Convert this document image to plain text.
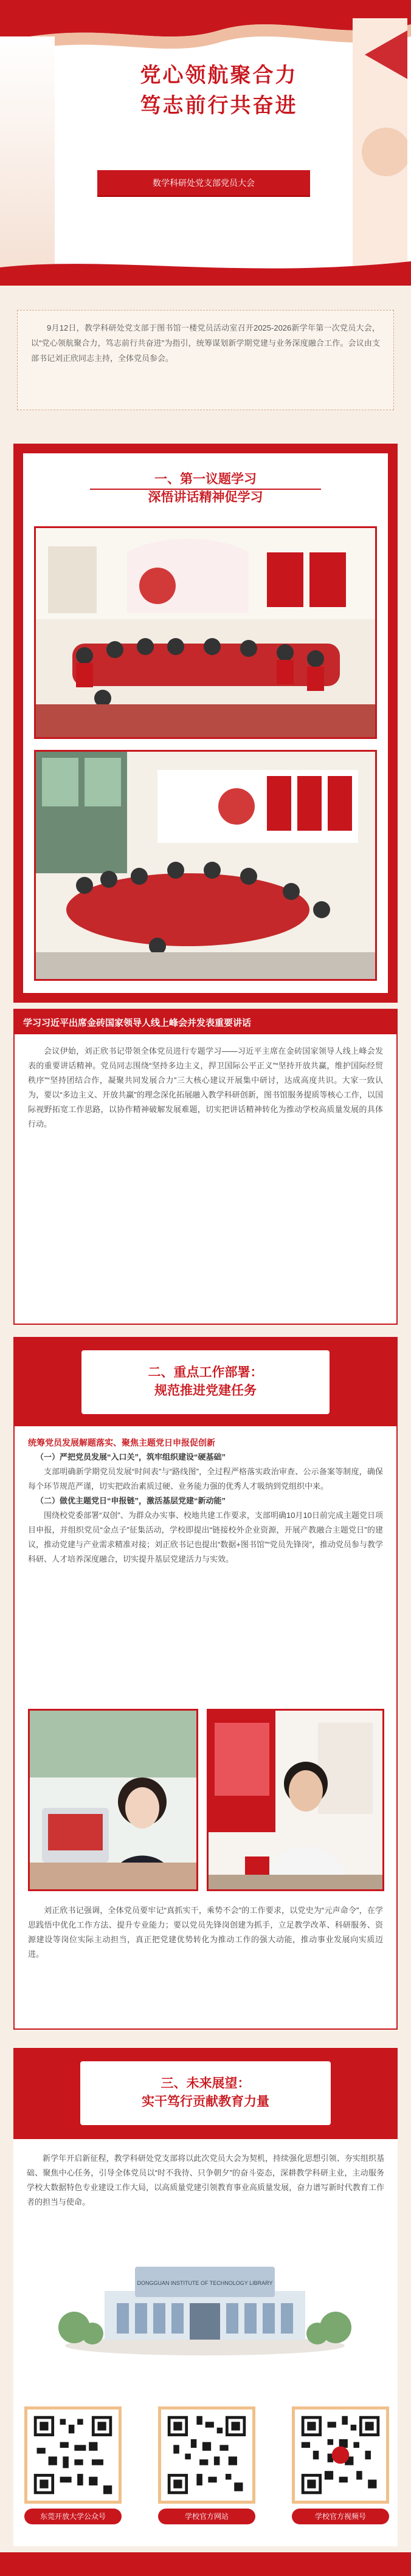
党心领航聚合力
笃志前行共奋进
数学科研处党支部党员大会

9月12日，教学科研处党支部于图书馆一楼党员活动室召开2025-2026新学年第一次党员大会，以“党心领航聚合力，笃志前行共奋进”为指引，统筹谋划新学期党建与业务深度融合工作。会议由支部书记刘正欣同志主持，全体党员参会。

一、第一议题学习
深悟讲话精神促学习
学习习近平出席金砖国家领导人线上峰会并发表重要讲话

会议伊始，刘正欣书记带领全体党员进行专题学习——习近平主席在金砖国家领导人线上峰会发表的重要讲话精神。党员同志围绕“坚持多边主义，捍卫国际公平正义”“坚持开放共赢，维护国际经贸秩序”“坚持团结合作，凝聚共同发展合力”三大核心建议开展集中研讨，达成高度共识。大家一致认为，要以“多边主义、开放共赢”的理念深化拓展融入教学科研创新，图书馆服务提质等核心工作，以国际视野拓宽工作思路，以协作精神破解发展难题，切实把讲话精神转化为推动学校高质量发展的具体行动。

二、重点工作部署：
规范推进党建任务
统筹党员发展解题落实、聚焦主题党日申报促创新

（一）严把党员发展“入口关”，筑牢组织建设“硬基础”

支部明确新学期党员发展“时间表”与“路线图”，全过程严格落实政治审查、公示备案等制度，确保每个环节规范严谨，切实把政治素质过硬、业务能力强的优秀人才吸纳到党组织中来。

（二）做优主题党日“申报链”，激活基层党建“新动能”

围绕校党委部署“双创”、为群众办实事、校地共建工作要求，支部明确10月10日前完成主题党日项目申报，并组织党员“金点子”征集活动，学校即提出“链接校外企业资源，开展产教融合主题党日”的建议，推动党建与产业需求精准对接；刘正欣书记也提出“数据+图书馆”“党员先锋岗”，推动党员参与教学科研、人才培养深度融合，切实提升基层党建活力与实效。

刘正欣书记强调，全体党员要牢记“真抓实干，乘势不会”的工作要求，以党史为“元声命令”，在学思践悟中优化工作方法、提升专业能力；要以党员先锋岗创建为抓手，立足教学改革、科研服务、资源建设等岗位实际主动担当，真正把党建优势转化为推动工作的强大动能，推动事业发展向实质迈进。

三、未来展望：
实干笃行贡献教育力量

新学年开启新征程，教学科研处党支部将以此次党员大会为契机，持续强化思想引领、夯实组织基础、聚焦中心任务，引导全体党员以“时不我待、只争朝夕”的奋斗姿态，深耕教学科研主业，主动服务学校大数据特色专业建设工作大局，以高质量党建引领教育事业高质量发展，奋力谱写新时代教育工作者的担当与使命。

DONGGUAN INSTITUTE OF TECHNOLOGY LIBRARY
东莞开放大学公众号	学校官方网站	学校官方视频号
